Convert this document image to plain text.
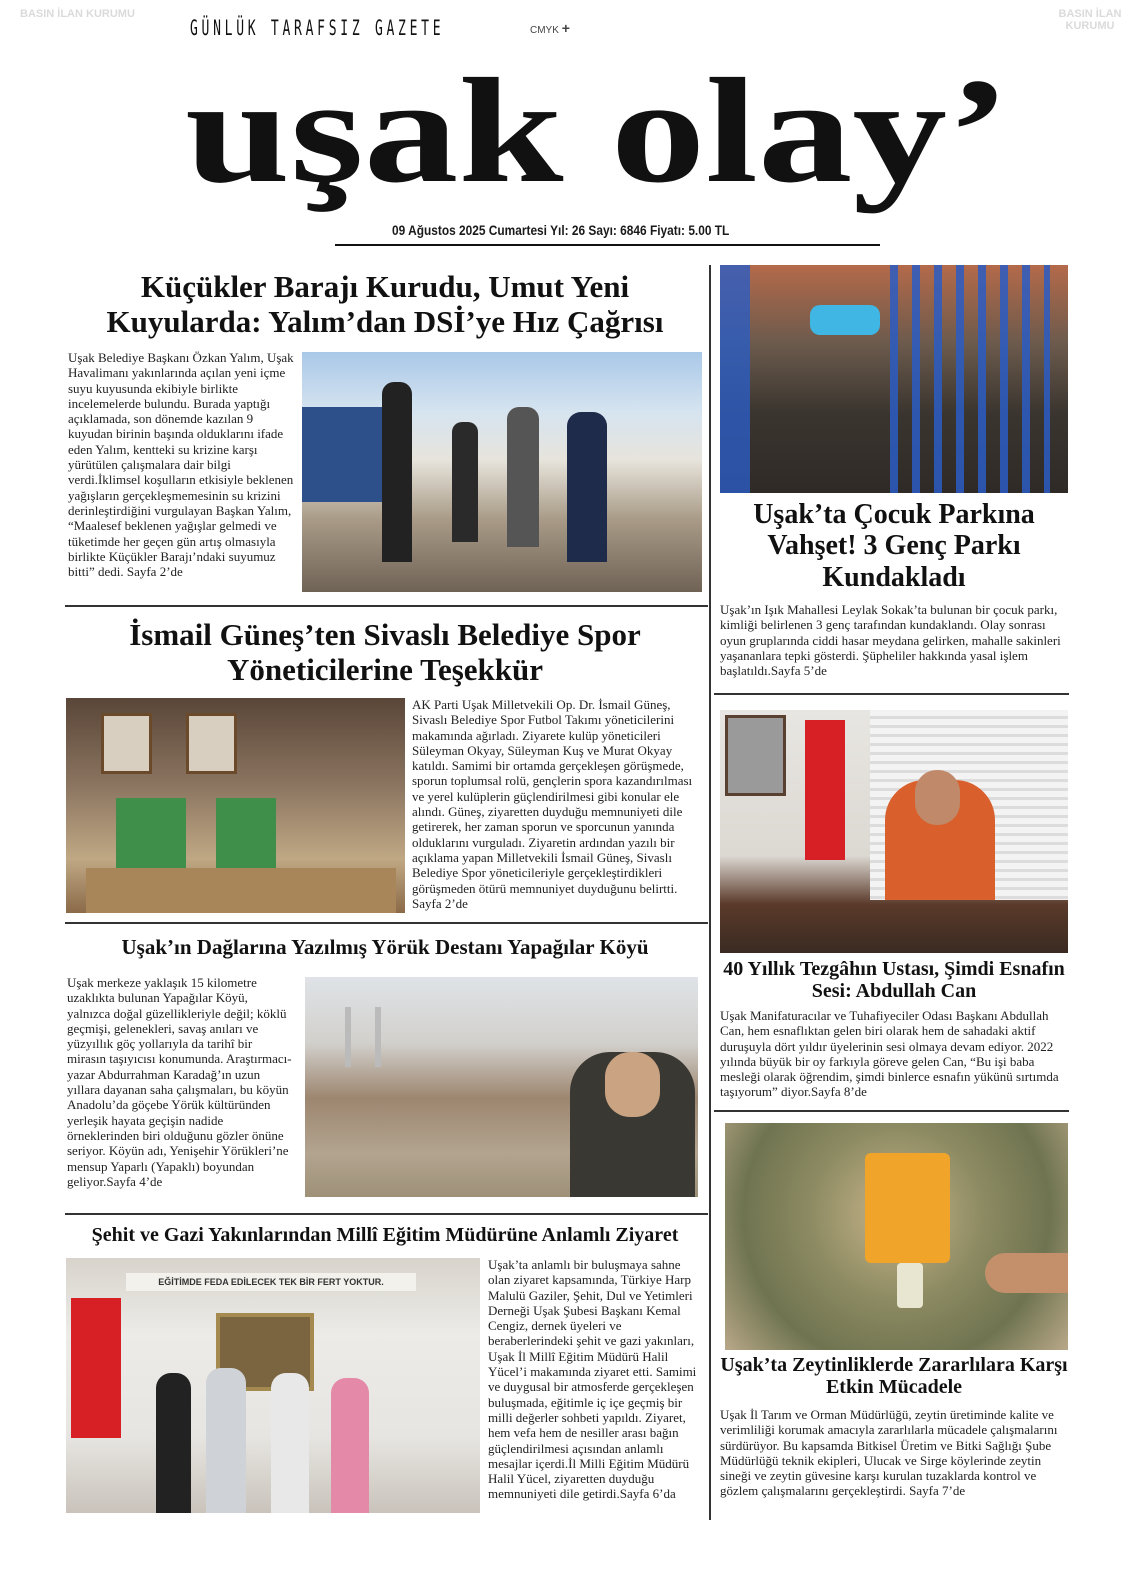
BASIN İLAN KURUMU	BASIN İLAN KURUMU
GÜNLÜK TARAFSIZ GAZETE	CMYK +
uşak olay’
09 Ağustos 2025 Cumartesi Yıl: 26 Sayı: 6846 Fiyatı: 5.00 TL
Küçükler Barajı Kurudu, Umut Yeni Kuyularda: Yalım’dan DSİ’ye Hız Çağrısı
Uşak Belediye Başkanı Özkan Yalım, Uşak Havalimanı yakınlarında açılan yeni içme suyu kuyusunda ekibiyle birlikte incelemelerde bulundu. Burada yaptığı açıklamada, son dönemde kazılan 9 kuyudan birinin başında olduklarını ifade eden Yalım, kentteki su krizine karşı yürütülen çalışmalara dair bilgi verdi.İklimsel koşulların etkisiyle beklenen yağışların gerçekleşmemesinin su krizini derinleştirdiğini vurgulayan Başkan Yalım, “Maalesef beklenen yağışlar gelmedi ve tüketimde her geçen gün artış olmasıyla birlikte Küçükler Barajı’ndaki suyumuz bitti” dedi. Sayfa 2’de
İsmail Güneş’ten Sivaslı Belediye Spor Yöneticilerine Teşekkür
AK Parti Uşak Milletvekili Op. Dr. İsmail Güneş, Sivaslı Belediye Spor Futbol Takımı yöneticilerini makamında ağırladı. Ziyarete kulüp yöneticileri Süleyman Okyay, Süleyman Kuş ve Murat Okyay katıldı. Samimi bir ortamda gerçekleşen görüşmede, sporun toplumsal rolü, gençlerin spora kazandırılması ve yerel kulüplerin güçlendirilmesi gibi konular ele alındı. Güneş, ziyaretten duyduğu memnuniyeti dile getirerek, her zaman sporun ve sporcunun yanında olduklarını vurguladı. Ziyaretin ardından yazılı bir açıklama yapan Milletvekili İsmail Güneş, Sivaslı Belediye Spor yöneticileriyle gerçekleştirdikleri görüşmeden ötürü memnuniyet duyduğunu belirtti. Sayfa 2’de
Uşak’ın Dağlarına Yazılmış Yörük Destanı Yapağılar Köyü
Uşak merkeze yaklaşık 15 kilometre uzaklıkta bulunan Yapağılar Köyü, yalnızca doğal güzellikleriyle değil; köklü geçmişi, gelenekleri, savaş anıları ve yüzyıllık göç yollarıyla da tarihî bir mirasın taşıyıcısı konumunda. Araştırmacı-yazar Abdurrahman Karadağ’ın uzun yıllara dayanan saha çalışmaları, bu köyün Anadolu’da göçebe Yörük kültüründen yerleşik hayata geçişin nadide örneklerinden biri olduğunu gözler önüne seriyor. Köyün adı, Yenişehir Yörükleri’ne mensup Yaparlı (Yapaklı) boyundan geliyor.Sayfa 4’de
Şehit ve Gazi Yakınlarından Millî Eğitim Müdürüne Anlamlı Ziyaret
EĞİTİMDE FEDA EDİLECEK TEK BİR FERT YOKTUR.
Uşak’ta anlamlı bir buluşmaya sahne olan ziyaret kapsamında, Türkiye Harp Malulü Gaziler, Şehit, Dul ve Yetimleri Derneği Uşak Şubesi Başkanı Kemal Cengiz, dernek üyeleri ve beraberlerindeki şehit ve gazi yakınları, Uşak İl Millî Eğitim Müdürü Halil Yücel’i makamında ziyaret etti. Samimi ve duygusal bir atmosferde gerçekleşen buluşmada, eğitimle iç içe geçmiş bir milli değerler sohbeti yapıldı. Ziyaret, hem vefa hem de nesiller arası bağın güçlendirilmesi açısından anlamlı mesajlar içerdi.İl Milli Eğitim Müdürü Halil Yücel, ziyaretten duyduğu memnuniyeti dile getirdi.Sayfa 6’da
Uşak’ta Çocuk Parkına Vahşet! 3 Genç Parkı Kundakladı
Uşak’ın Işık Mahallesi Leylak Sokak’ta bulunan bir çocuk parkı, kimliği belirlenen 3 genç tarafından kundaklandı. Olay sonrası oyun gruplarında ciddi hasar meydana gelirken, mahalle sakinleri yaşananlara tepki gösterdi. Şüpheliler hakkında yasal işlem başlatıldı.Sayfa 5’de
40 Yıllık Tezgâhın Ustası, Şimdi Esnafın Sesi: Abdullah Can
Uşak Manifaturacılar ve Tuhafiyeciler Odası Başkanı Abdullah Can, hem esnaflıktan gelen biri olarak hem de sahadaki aktif duruşuyla dört yıldır üyelerinin sesi olmaya devam ediyor. 2022 yılında büyük bir oy farkıyla göreve gelen Can, “Bu işi baba mesleği olarak öğrendim, şimdi binlerce esnafın yükünü sırtımda taşıyorum” diyor.Sayfa 8’de
Uşak’ta Zeytinliklerde Zararlılara Karşı Etkin Mücadele
Uşak İl Tarım ve Orman Müdürlüğü, zeytin üretiminde kalite ve verimliliği korumak amacıyla zararlılarla mücadele çalışmalarını sürdürüyor. Bu kapsamda Bitkisel Üretim ve Bitki Sağlığı Şube Müdürlüğü teknik ekipleri, Ulucak ve Sirge köylerinde zeytin sineği ve zeytin güvesine karşı kurulan tuzaklarda kontrol ve gözlem çalışmalarını gerçekleştirdi. Sayfa 7’de
